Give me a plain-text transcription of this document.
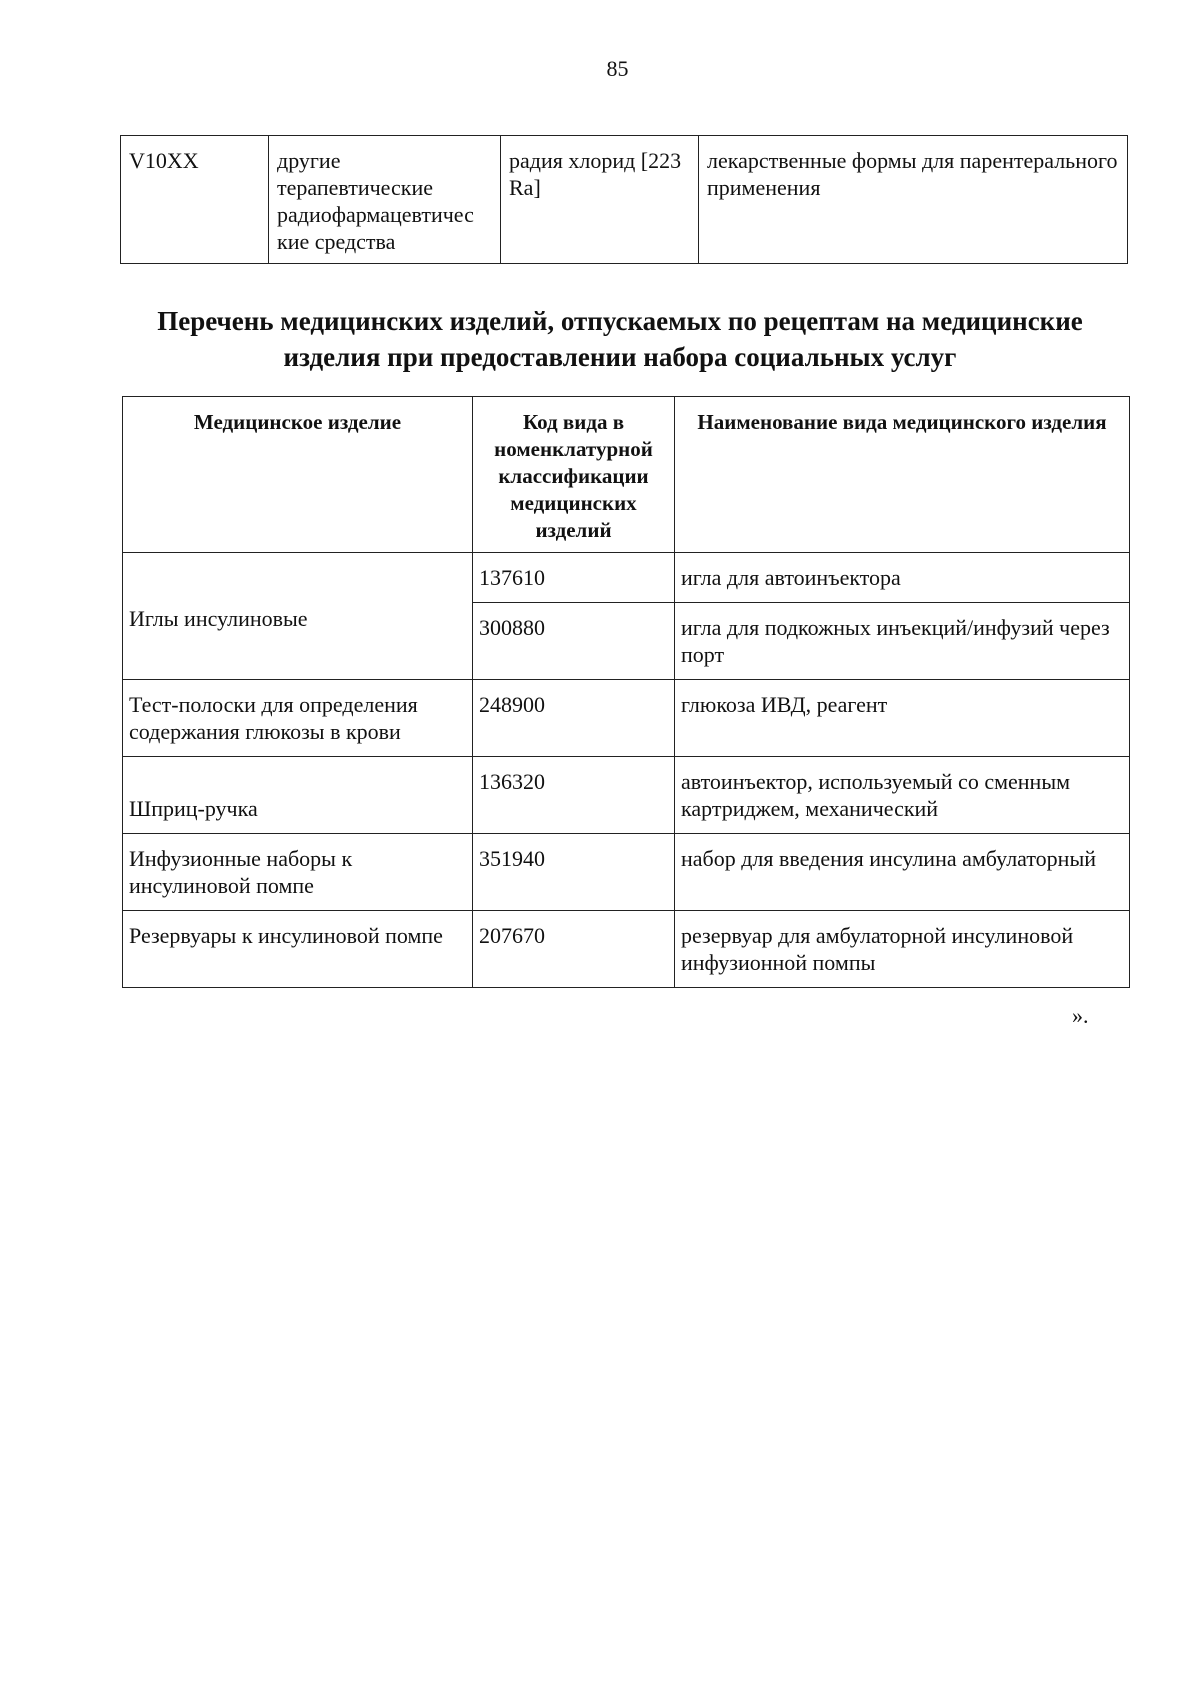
85
V10XX	другие терапевтические радиофармацевтичес кие средства	радия хлорид [223 Ra]	лекарственные формы для парентерального применения
Перечень медицинских изделий, отпускаемых по рецептам на медицинские изделия при предоставлении набора социальных услуг
Медицинское изделие	Код вида в номенклатурной классификации медицинских изделий	Наименование вида медицинского изделия
Иглы инсулиновые	137610	игла для автоинъектора
	300880	игла для подкожных инъекций/инфузий через порт
Тест-полоски для определения содержания глюкозы в крови	248900	глюкоза ИВД, реагент
Шприц-ручка	136320	автоинъектор, используемый со сменным картриджем, механический
Инфузионные наборы к инсулиновой помпе	351940	набор для введения инсулина амбулаторный
Резервуары к инсулиновой помпе	207670	резервуар для амбулаторной инсулиновой инфузионной помпы
».
